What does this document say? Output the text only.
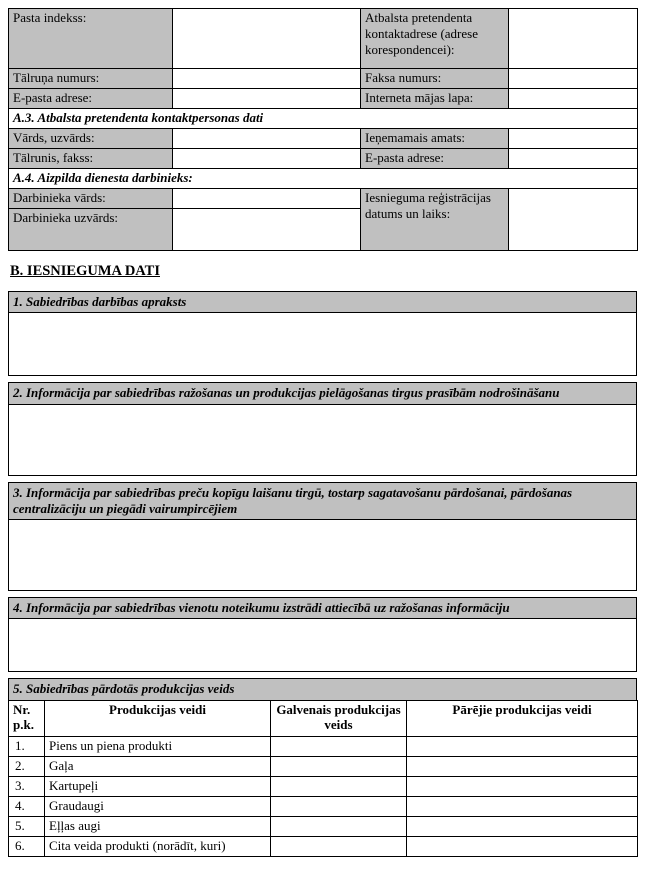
Pasta indekss:		Atbalsta pretendenta kontaktadrese (adrese korespondencei):	
Tālruņa numurs:		Faksa numurs:	
E-pasta adrese:		Interneta mājas lapa:	
A.3. Atbalsta pretendenta kontaktpersonas dati			
Vārds, uzvārds:		Ieņemamais amats:	
Tālrunis, fakss:		E-pasta adrese:	
A.4. Aizpilda dienesta darbinieks:			
Darbinieka vārds:		Iesnieguma reģistrācijas datums un laiks:	
Darbinieka uzvārds:			
B. IESNIEGUMA DATI
1. Sabiedrības darbības apraksts
2. Informācija par sabiedrības ražošanas un produkcijas pielāgošanas tirgus prasībām nodrošināšanu
3. Informācija par sabiedrības preču kopīgu laišanu tirgū, tostarp sagatavošanu pārdošanai, pārdošanas centralizāciju un piegādi vairumpircējiem
4. Informācija par sabiedrības vienotu noteikumu izstrādi attiecībā uz ražošanas informāciju
5. Sabiedrības pārdotās produkcijas veids
Nr. p.k.	Produkcijas veidi	Galvenais produkcijas veids	Pārējie produkcijas veidi
1.	Piens un piena produkti		
2.	Gaļa		
3.	Kartupeļi		
4.	Graudaugi		
5.	Eļļas augi		
6.	Cita veida produkti (norādīt, kuri)		
